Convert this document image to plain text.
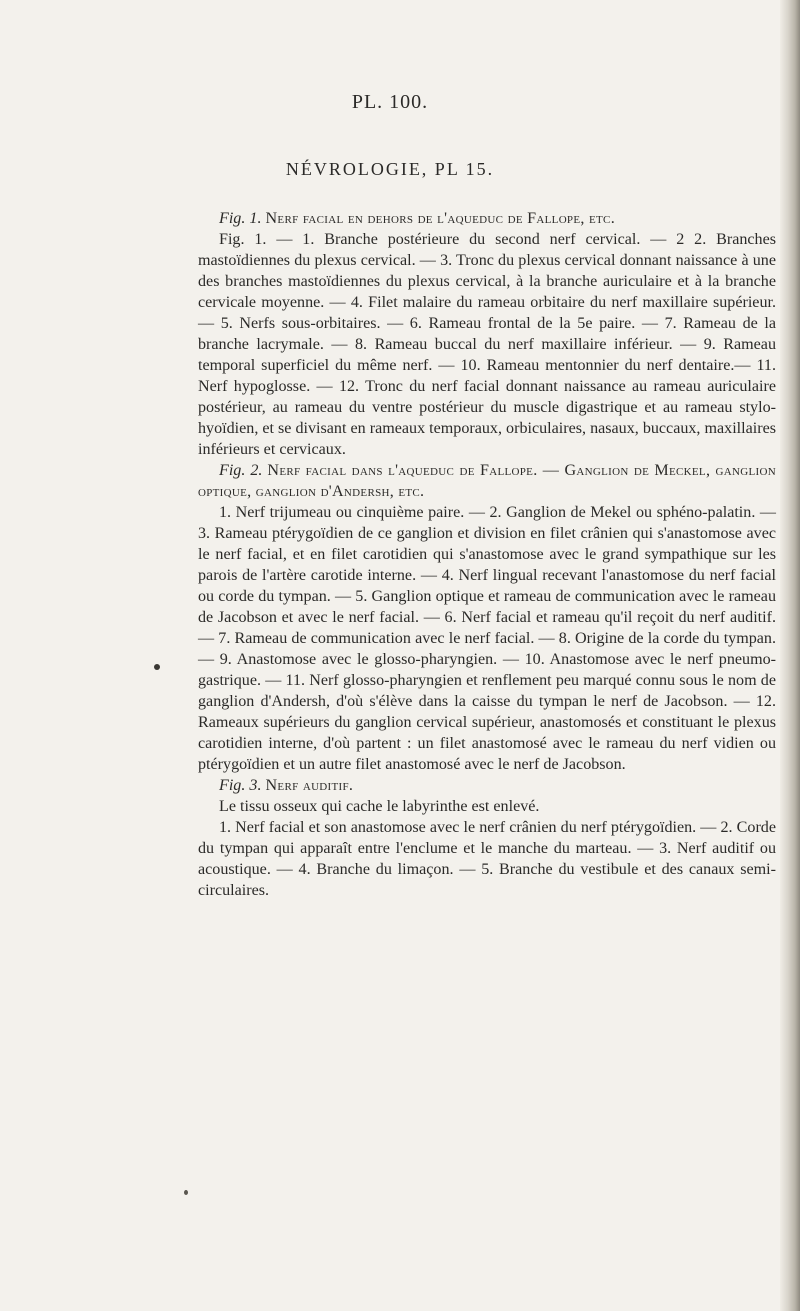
PL. 100.
NÉVROLOGIE, PL 15.

Fig. 1. Nerf facial en dehors de l'aqueduc de Fallope, etc.

Fig. 1. — 1. Branche postérieure du second nerf cervical. — 2 2. Branches mastoïdiennes du plexus cervical. — 3. Tronc du plexus cervical donnant naissance à une des branches mastoïdiennes du plexus cervical, à la branche auriculaire et à la branche cervicale moyenne. — 4. Filet malaire du rameau orbitaire du nerf maxillaire supérieur. — 5. Nerfs sous-orbitaires. — 6. Rameau frontal de la 5e paire. — 7. Rameau de la branche lacrymale. — 8. Rameau buccal du nerf maxillaire inférieur. — 9. Rameau temporal superficiel du même nerf. — 10. Rameau mentonnier du nerf dentaire.— 11. Nerf hypoglosse. — 12. Tronc du nerf facial donnant naissance au rameau auriculaire postérieur, au rameau du ventre postérieur du muscle digastrique et au rameau stylo-hyoïdien, et se divisant en rameaux temporaux, orbiculaires, nasaux, buccaux, maxillaires inférieurs et cervicaux.

Fig. 2. Nerf facial dans l'aqueduc de Fallope. — Ganglion de Meckel, ganglion optique, ganglion d'Andersh, etc.

1. Nerf trijumeau ou cinquième paire. — 2. Ganglion de Mekel ou sphéno-palatin. — 3. Rameau ptérygoïdien de ce ganglion et division en filet crânien qui s'anastomose avec le nerf facial, et en filet carotidien qui s'anastomose avec le grand sympathique sur les parois de l'artère carotide interne. — 4. Nerf lingual recevant l'anastomose du nerf facial ou corde du tympan. — 5. Ganglion optique et rameau de communication avec le rameau de Jacobson et avec le nerf facial. — 6. Nerf facial et rameau qu'il reçoit du nerf auditif. — 7. Rameau de communication avec le nerf facial. — 8. Origine de la corde du tympan. — 9. Anastomose avec le glosso-pharyngien. — 10. Anastomose avec le nerf pneumo-gastrique. — 11. Nerf glosso-pharyngien et renflement peu marqué connu sous le nom de ganglion d'Andersh, d'où s'élève dans la caisse du tympan le nerf de Jacobson. — 12. Rameaux supérieurs du ganglion cervical supérieur, anastomosés et constituant le plexus carotidien interne, d'où partent : un filet anastomosé avec le rameau du nerf vidien ou ptérygoïdien et un autre filet anastomosé avec le nerf de Jacobson.

Fig. 3. Nerf auditif.

Le tissu osseux qui cache le labyrinthe est enlevé.

1. Nerf facial et son anastomose avec le nerf crânien du nerf ptérygoïdien. — 2. Corde du tympan qui apparaît entre l'enclume et le manche du marteau. — 3. Nerf auditif ou acoustique. — 4. Branche du limaçon. — 5. Branche du vestibule et des canaux semi-circulaires.
